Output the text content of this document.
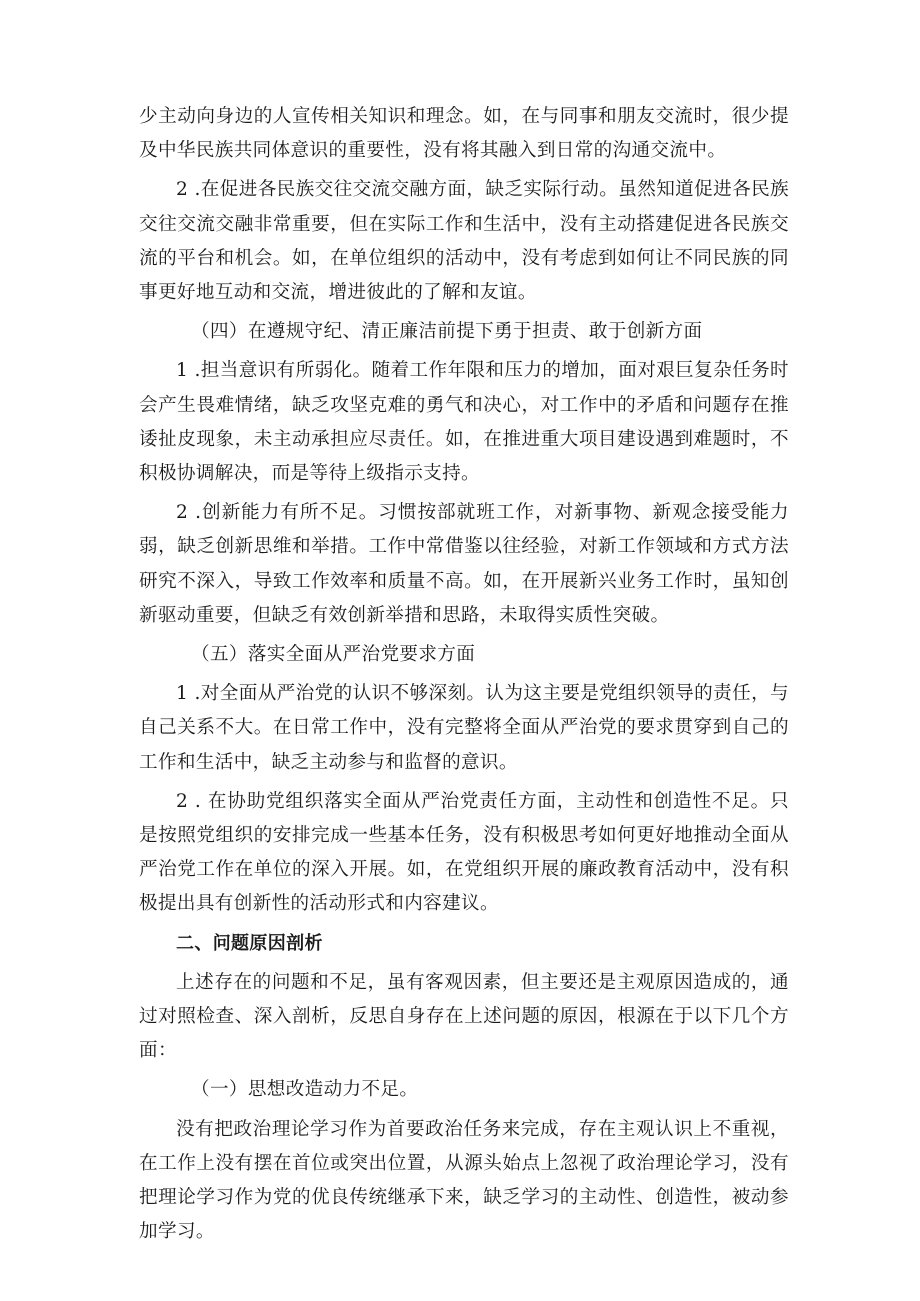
少主动向身边的人宣传相关知识和理念。如，在与同事和朋友交流时，很少提及中华民族共同体意识的重要性，没有将其融入到日常的沟通交流中。

2 .在促进各民族交往交流交融方面，缺乏实际行动。虽然知道促进各民族交往交流交融非常重要，但在实际工作和生活中，没有主动搭建促进各民族交流的平台和机会。如，在单位组织的活动中，没有考虑到如何让不同民族的同事更好地互动和交流，增进彼此的了解和友谊。

（四）在遵规守纪、清正廉洁前提下勇于担责、敢于创新方面

1 .担当意识有所弱化。随着工作年限和压力的增加，面对艰巨复杂任务时会产生畏难情绪，缺乏攻坚克难的勇气和决心，对工作中的矛盾和问题存在推诿扯皮现象，未主动承担应尽责任。如，在推进重大项目建设遇到难题时，不积极协调解决，而是等待上级指示支持。

2 .创新能力有所不足。习惯按部就班工作，对新事物、新观念接受能力弱，缺乏创新思维和举措。工作中常借鉴以往经验，对新工作领域和方式方法研究不深入，导致工作效率和质量不高。如，在开展新兴业务工作时，虽知创新驱动重要，但缺乏有效创新举措和思路，未取得实质性突破。

（五）落实全面从严治党要求方面

1 .对全面从严治党的认识不够深刻。认为这主要是党组织领导的责任，与自己关系不大。在日常工作中，没有完整将全面从严治党的要求贯穿到自己的工作和生活中，缺乏主动参与和监督的意识。

2 . 在协助党组织落实全面从严治党责任方面，主动性和创造性不足。只是按照党组织的安排完成一些基本任务，没有积极思考如何更好地推动全面从严治党工作在单位的深入开展。如，在党组织开展的廉政教育活动中，没有积极提出具有创新性的活动形式和内容建议。

二、问题原因剖析

上述存在的问题和不足，虽有客观因素，但主要还是主观原因造成的，通过对照检查、深入剖析，反思自身存在上述问题的原因，根源在于以下几个方面：

（一）思想改造动力不足。

没有把政治理论学习作为首要政治任务来完成，存在主观认识上不重视，在工作上没有摆在首位或突出位置，从源头始点上忽视了政治理论学习，没有把理论学习作为党的优良传统继承下来，缺乏学习的主动性、创造性，被动参加学习。
